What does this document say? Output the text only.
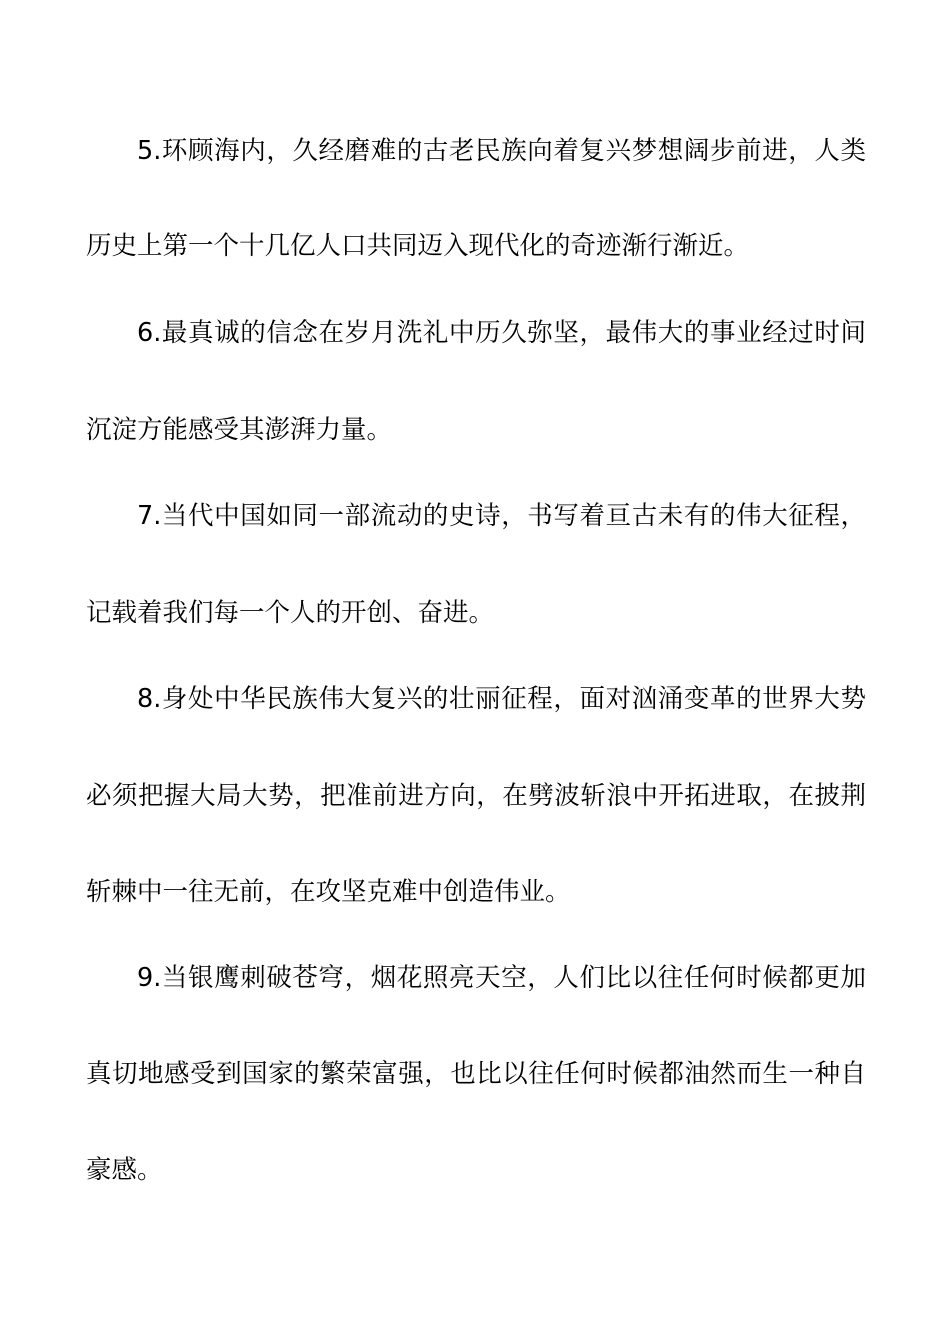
5.环顾海内，久经磨难的古老民族向着复兴梦想阔步前进，人类
历史上第一个十几亿人口共同迈入现代化的奇迹渐行渐近。
6.最真诚的信念在岁月洗礼中历久弥坚，最伟大的事业经过时间
沉淀方能感受其澎湃力量。
7.当代中国如同一部流动的史诗，书写着亘古未有的伟大征程，
记载着我们每一个人的开创、奋进。
8.身处中华民族伟大复兴的壮丽征程，面对汹涌变革的世界大势
必须把握大局大势，把准前进方向，在劈波斩浪中开拓进取，在披荆
斩棘中一往无前，在攻坚克难中创造伟业。
9.当银鹰刺破苍穹，烟花照亮天空，人们比以往任何时候都更加
真切地感受到国家的繁荣富强，也比以往任何时候都油然而生一种自
豪感。
